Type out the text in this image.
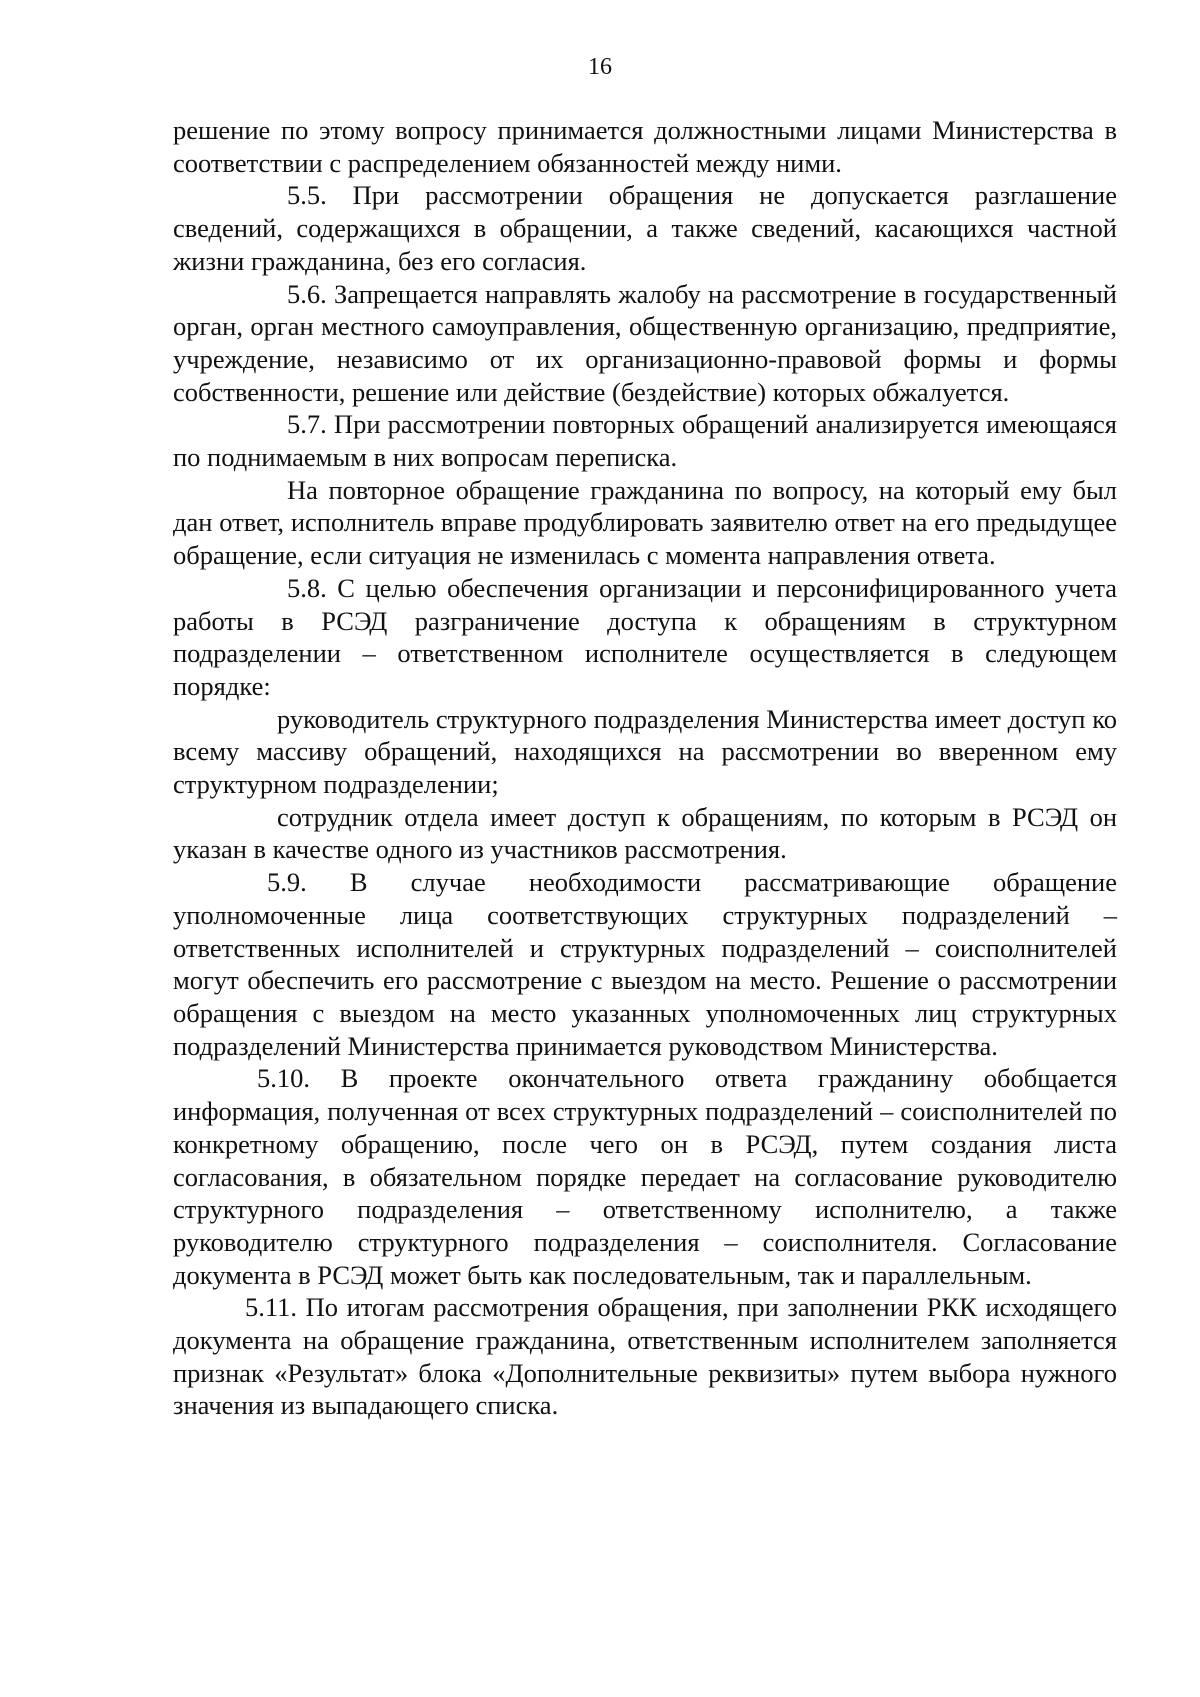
16

решение по этому вопросу принимается должностными лицами Министерства в соответствии с распределением обязанностей между ними.

5.5. При рассмотрении обращения не допускается разглашение сведений, содержащихся в обращении, а также сведений, касающихся частной жизни гражданина, без его согласия.

5.6. Запрещается направлять жалобу на рассмотрение в государственный орган, орган местного самоуправления, общественную организацию, предприятие, учреждение, независимо от их организационно-правовой формы и формы собственности, решение или действие (бездействие) которых обжалуется.

5.7. При рассмотрении повторных обращений анализируется имеющаяся по поднимаемым в них вопросам переписка.

На повторное обращение гражданина по вопросу, на который ему был дан ответ, исполнитель вправе продублировать заявителю ответ на его предыдущее обращение, если ситуация не изменилась с момента направления ответа.

5.8. С целью обеспечения организации и персонифицированного учета работы в РСЭД разграничение доступа к обращениям в структурном подразделении – ответственном исполнителе осуществляется в следующем порядке:

руководитель структурного подразделения Министерства имеет доступ ко всему массиву обращений, находящихся на рассмотрении во вверенном ему структурном подразделении;

сотрудник отдела имеет доступ к обращениям, по которым в РСЭД он указан в качестве одного из участников рассмотрения.

5.9. В случае необходимости рассматривающие обращение уполномоченные лица соответствующих структурных подразделений – ответственных исполнителей и структурных подразделений – соисполнителей могут обеспечить его рассмотрение с выездом на место. Решение о рассмотрении обращения с выездом на место указанных уполномоченных лиц структурных подразделений Министерства принимается руководством Министерства.

5.10. В проекте окончательного ответа гражданину обобщается информация, полученная от всех структурных подразделений – соисполнителей по конкретному обращению, после чего он в РСЭД, путем создания листа согласования, в обязательном порядке передает на согласование руководителю структурного подразделения – ответственному исполнителю, а также руководителю структурного подразделения – соисполнителя. Согласование документа в РСЭД может быть как последовательным, так и параллельным.

5.11. По итогам рассмотрения обращения, при заполнении РКК исходящего документа на обращение гражданина, ответственным исполнителем заполняется признак «Результат» блока «Дополнительные реквизиты» путем выбора нужного значения из выпадающего списка.
